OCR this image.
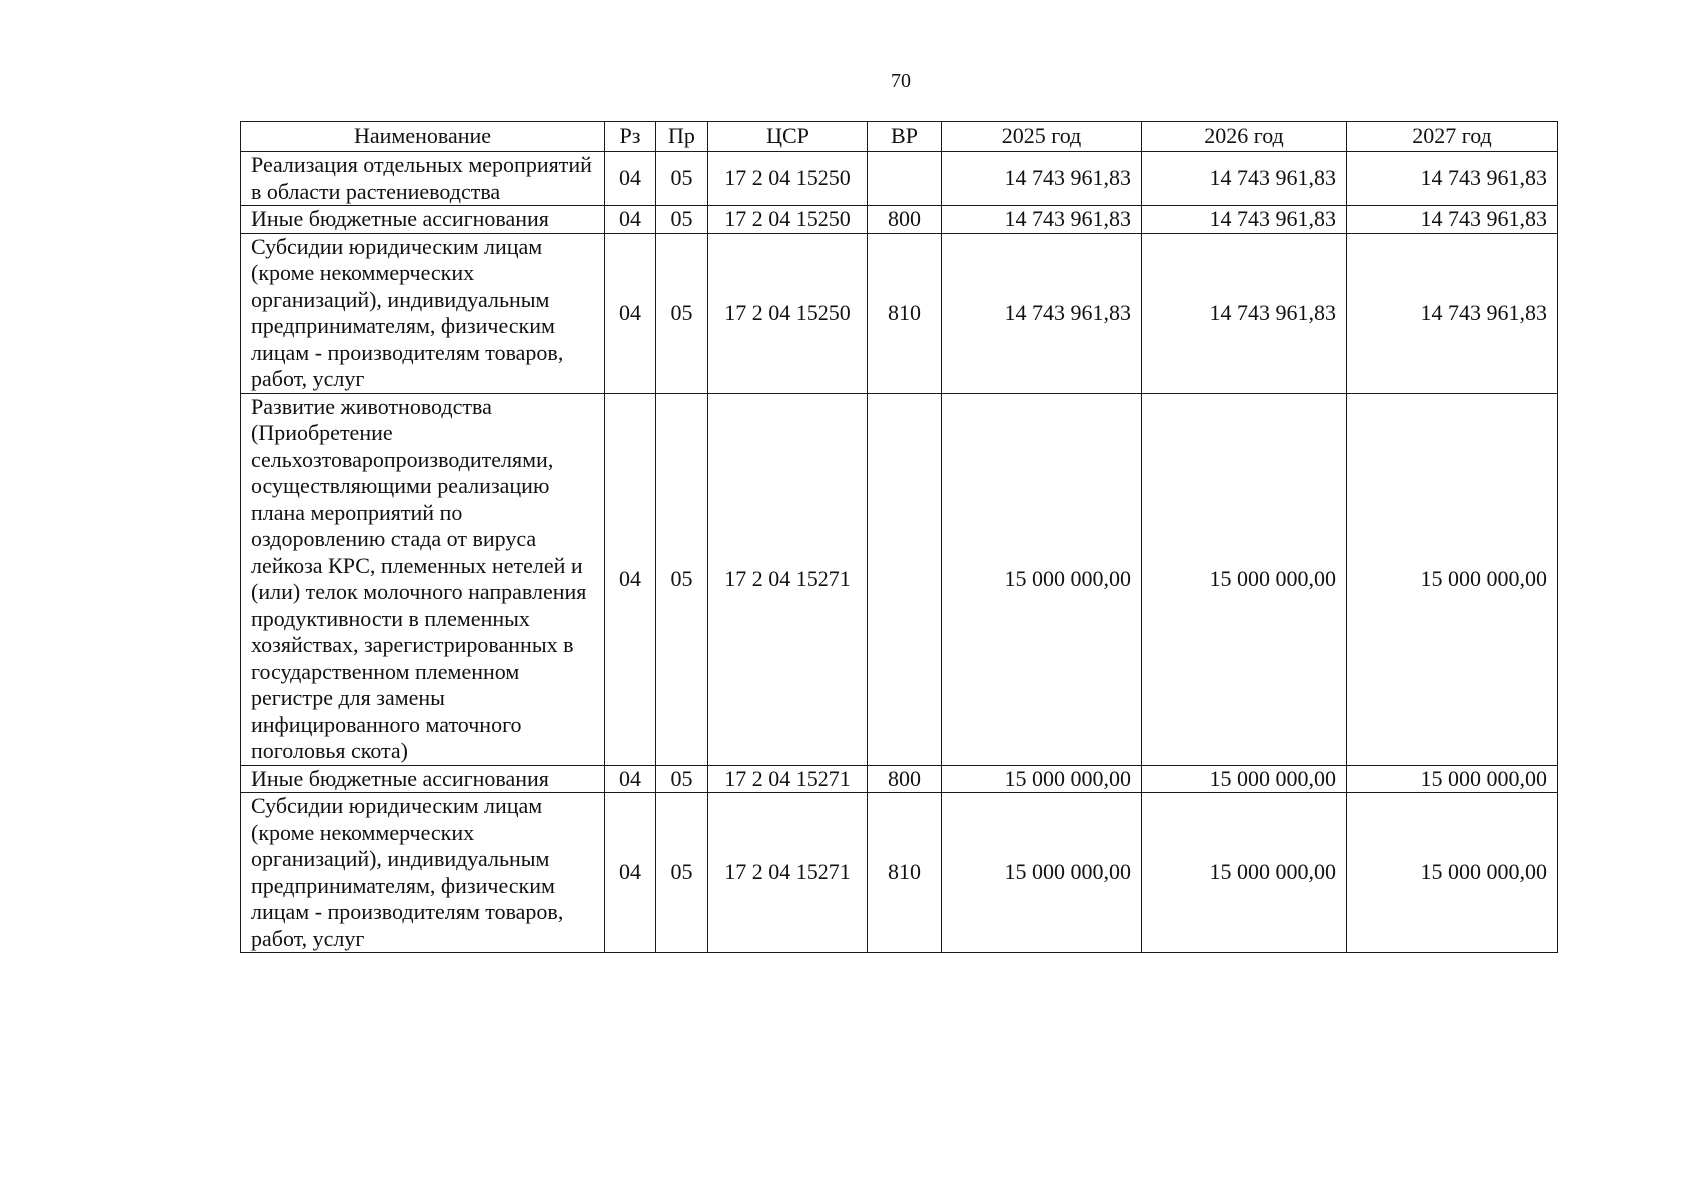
70
Наименование	Рз	Пр	ЦСР	ВР	2025 год	2026 год	2027 год
Реализация отдельных мероприятий в области растениеводства	04	05	17 2 04 15250		14 743 961,83	14 743 961,83	14 743 961,83
Иные бюджетные ассигнования	04	05	17 2 04 15250	800	14 743 961,83	14 743 961,83	14 743 961,83
Субсидии юридическим лицам (кроме некоммерческих организаций), индивидуальным предпринимателям, физическим лицам - производителям товаров, работ, услуг	04	05	17 2 04 15250	810	14 743 961,83	14 743 961,83	14 743 961,83
Развитие животноводства (Приобретение сельхозтоваропроизводителями, осуществляющими реализацию плана мероприятий по оздоровлению стада от вируса лейкоза КРС, племенных нетелей и (или) телок молочного направления продуктивности в племенных хозяйствах, зарегистрированных в государственном племенном регистре для замены инфицированного маточного поголовья скота)	04	05	17 2 04 15271		15 000 000,00	15 000 000,00	15 000 000,00
Иные бюджетные ассигнования	04	05	17 2 04 15271	800	15 000 000,00	15 000 000,00	15 000 000,00
Субсидии юридическим лицам (кроме некоммерческих организаций), индивидуальным предпринимателям, физическим лицам - производителям товаров, работ, услуг	04	05	17 2 04 15271	810	15 000 000,00	15 000 000,00	15 000 000,00
